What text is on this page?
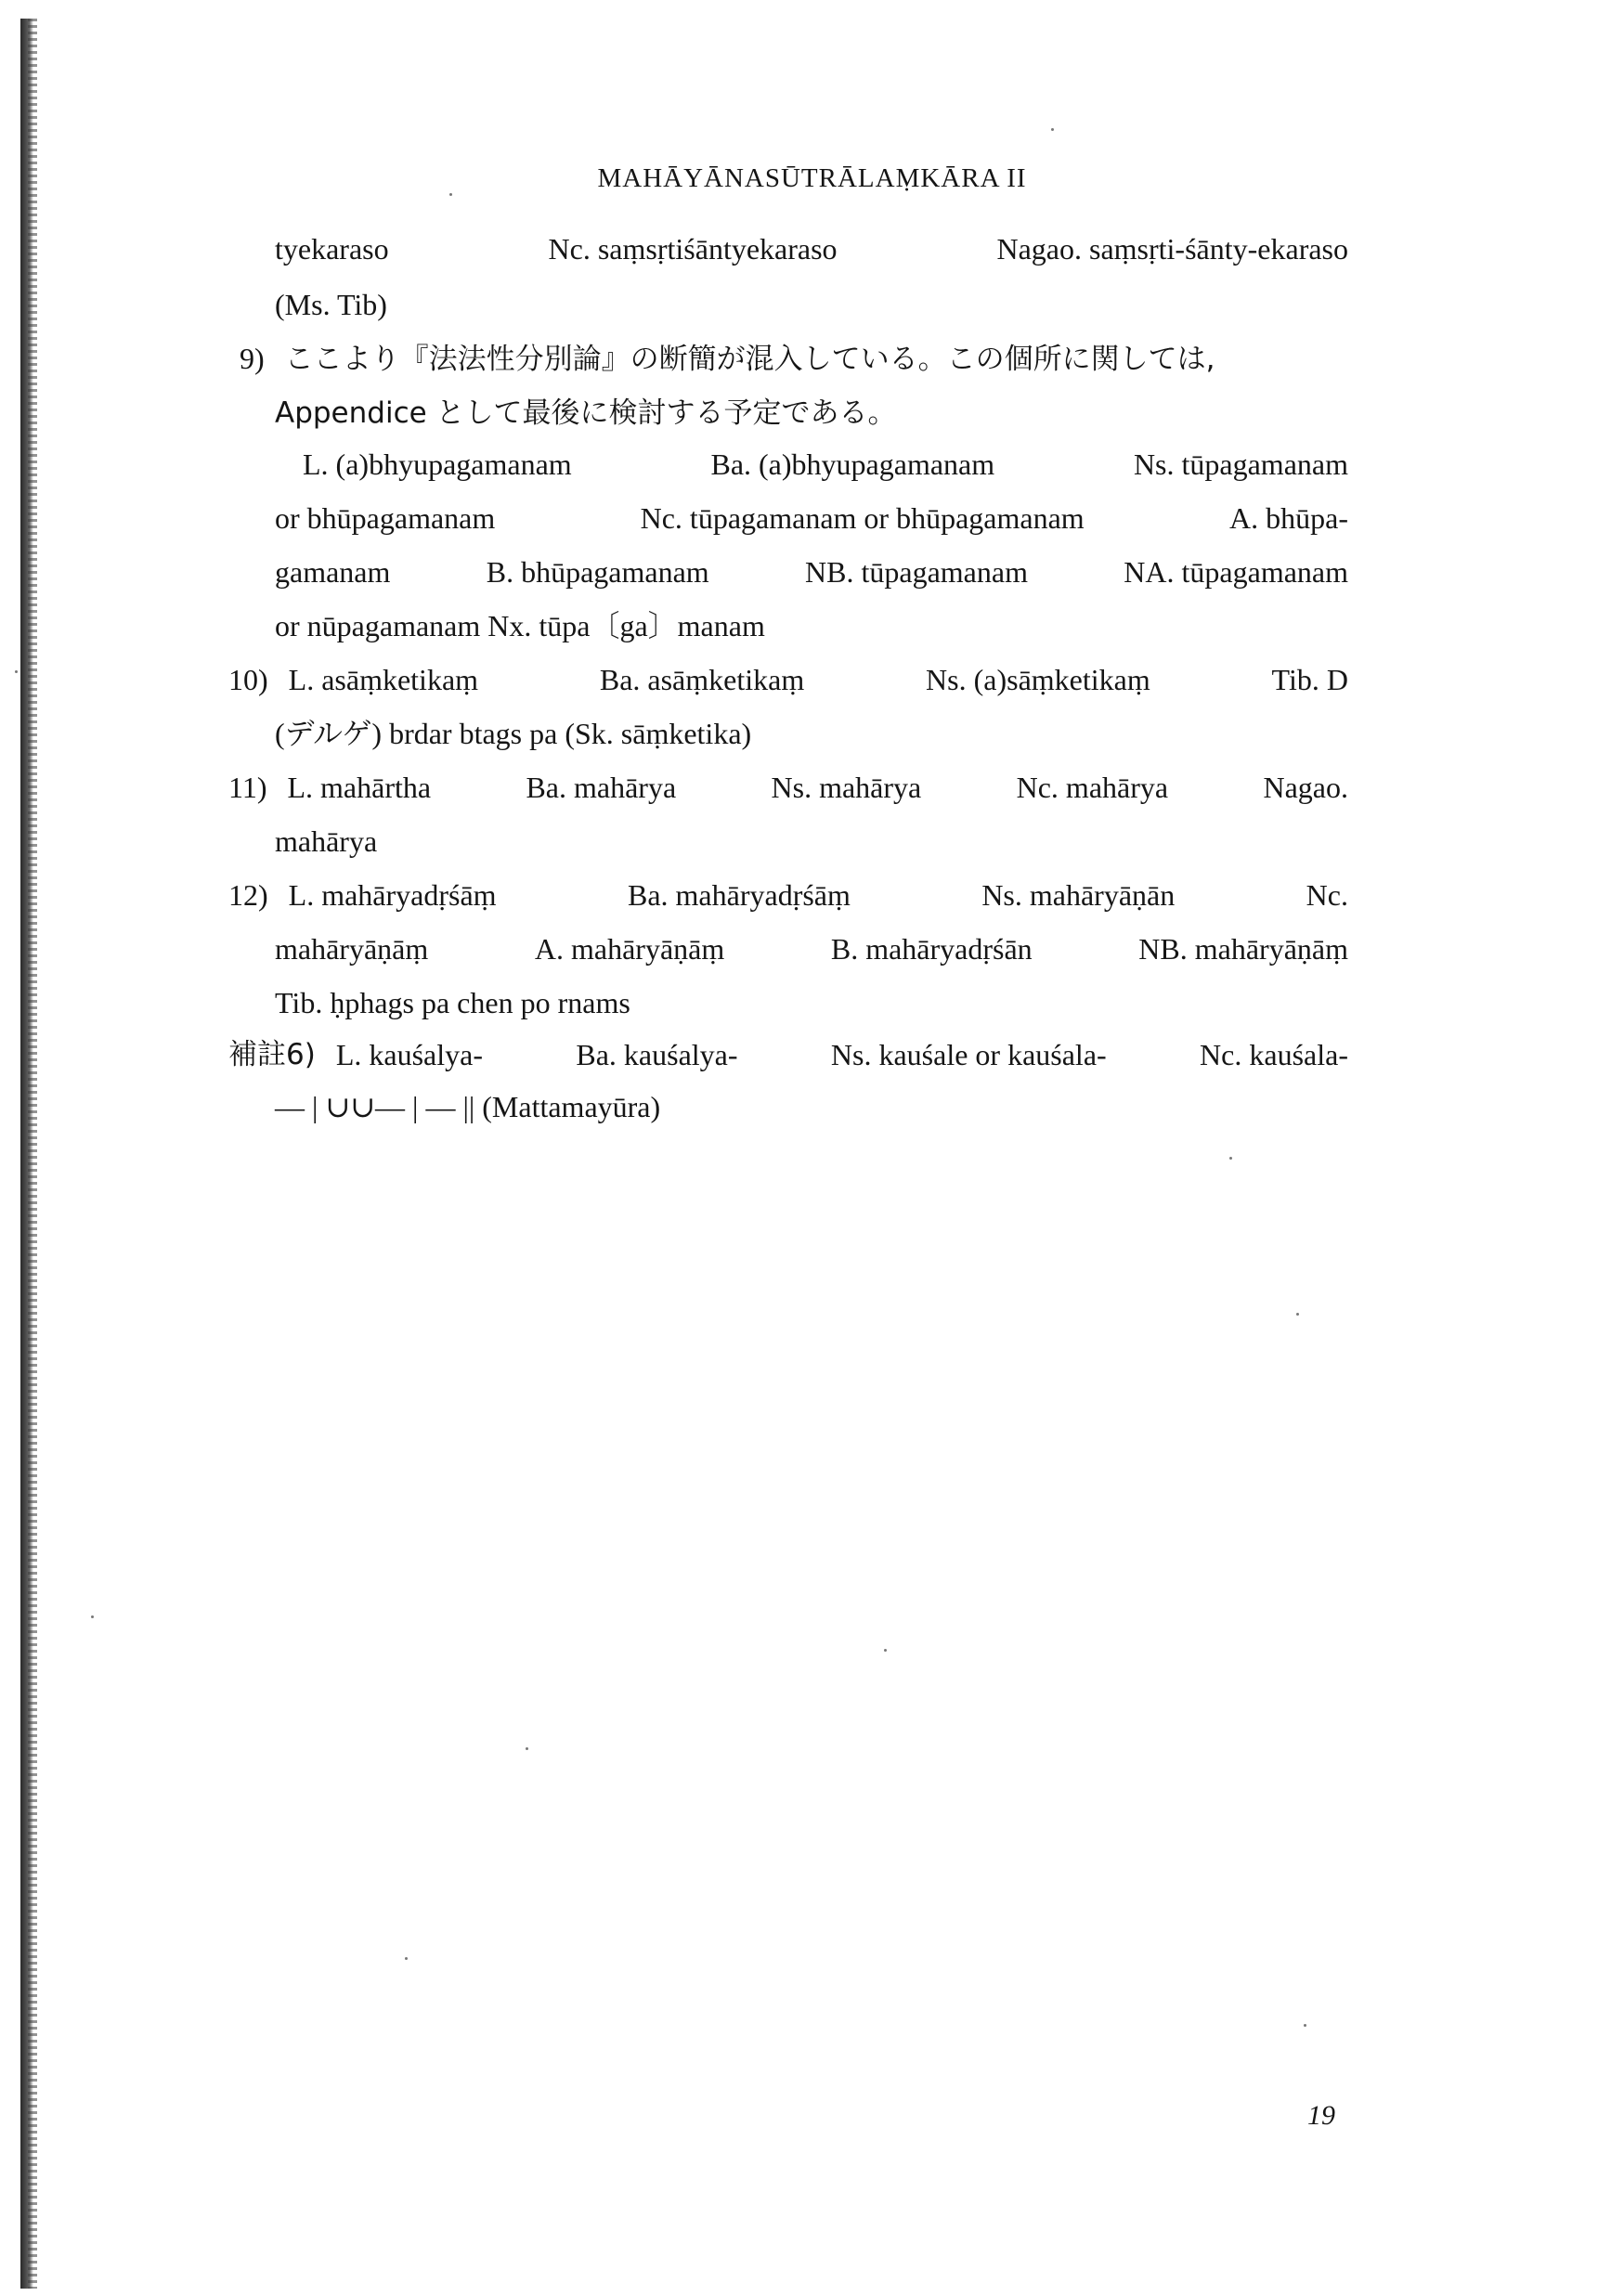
MAHĀYĀNASŪTRĀLAṂKĀRA II
tyekaraso	Nc. saṃsṛtiśāntyekaraso	Nagao. saṃsṛti-śānty-ekaraso
(Ms. Tib)
9) ここより『法法性分別論』の断簡が混入している。この個所に関しては,
Appendice として最後に検討する予定である。
L. (a)bhyupagamanam	Ba. (a)bhyupagamanam	Ns. tūpagamanam
or bhūpagamanam	Nc. tūpagamanam or bhūpagamanam	A. bhūpa-
gamanam	B. bhūpagamanam	NB. tūpagamanam	NA. tūpagamanam
or nūpagamanam Nx. tūpa〔ga〕manam
10) L. asāṃketikaṃ	Ba. asāṃketikaṃ	Ns. (a)sāṃketikaṃ	Tib. D
(デルゲ) brdar btags pa (Sk. sāṃketika)
11) L. mahārtha	Ba. mahārya	Ns. mahārya	Nc. mahārya	Nagao.
mahārya
12) L. mahāryadṛśāṃ	Ba. mahāryadṛśāṃ	Ns. mahāryāṇān	Nc.
mahāryāṇāṃ	A. mahāryāṇāṃ	B. mahāryadṛśān	NB. mahāryāṇāṃ
Tib. ḥphags pa chen po rnams
補註6) L. kauśalya-	Ba. kauśalya-	Ns. kauśale or kauśala-	Nc. kauśala-
— | ∪∪— | — || (Mattamayūra)
19
